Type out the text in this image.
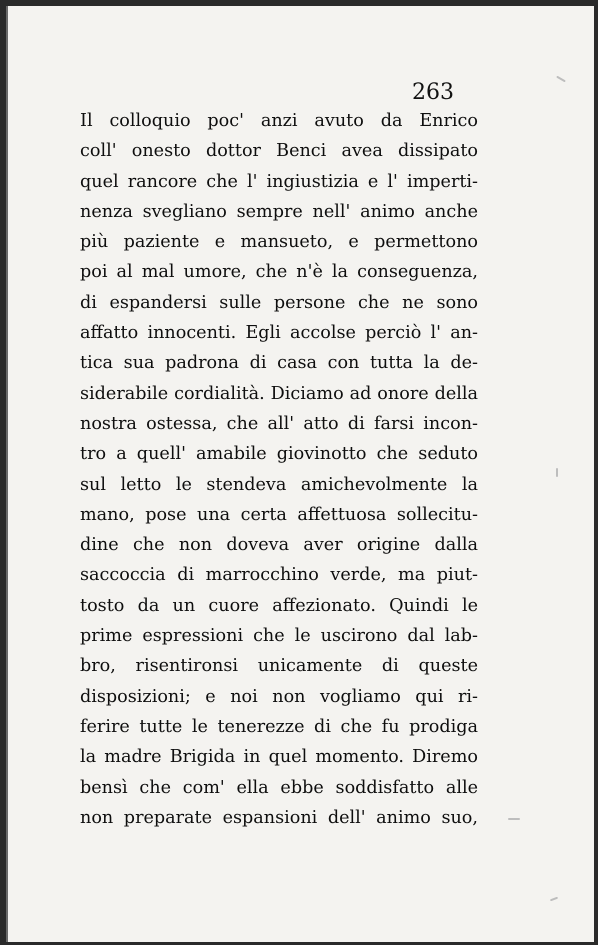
263
Il colloquio poc' anzi avuto da Enrico
coll' onesto dottor Benci avea dissipato
quel rancore che l' ingiustizia e l' imperti-
nenza svegliano sempre nell' animo anche
più paziente e mansueto, e permettono
poi al mal umore, che n'è la conseguenza,
di espandersi sulle persone che ne sono
affatto innocenti. Egli accolse perciò l' an-
tica sua padrona di casa con tutta la de-
siderabile cordialità. Diciamo ad onore della
nostra ostessa, che all' atto di farsi incon-
tro a quell' amabile giovinotto che seduto
sul letto le stendeva amichevolmente la
mano, pose una certa affettuosa sollecitu-
dine che non doveva aver origine dalla
saccoccia di marrocchino verde, ma piut-
tosto da un cuore affezionato. Quindi le
prime espressioni che le uscirono dal lab-
bro, risentironsi unicamente di queste
disposizioni; e noi non vogliamo qui ri-
ferire tutte le tenerezze di che fu prodiga
la madre Brigida in quel momento. Diremo
bensì che com' ella ebbe soddisfatto alle
non preparate espansioni dell' animo suo,
